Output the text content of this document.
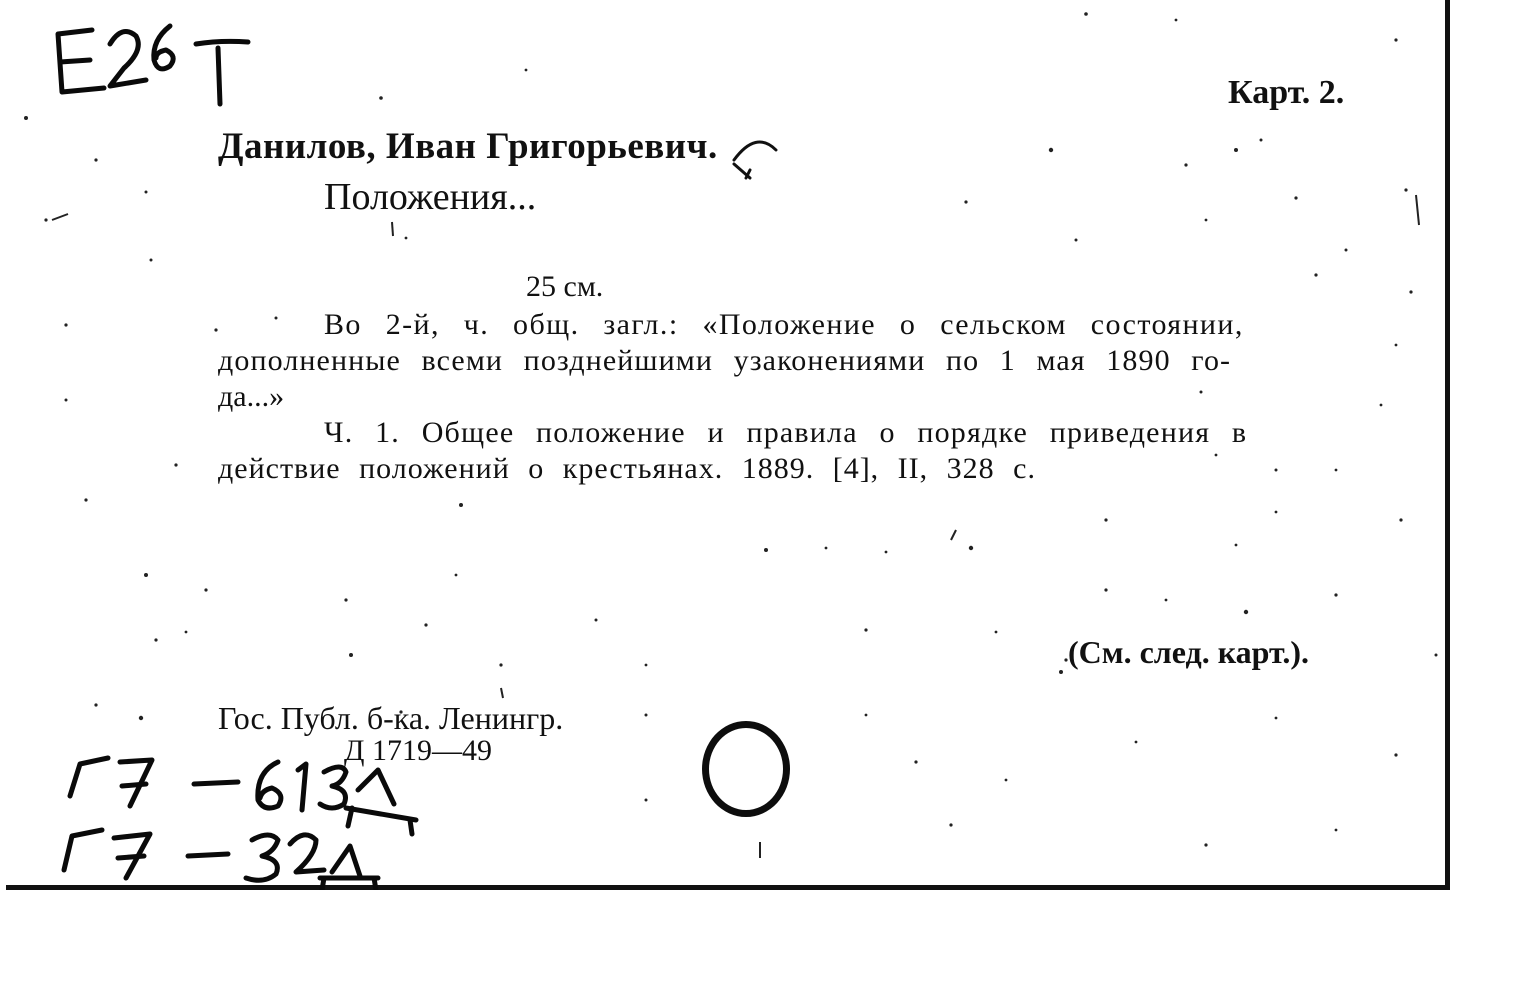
Карт. 2.
Данилов, Иван Григорьевич.
Положения...
25 см.
Во 2-й, ч. общ. загл.: «Положение о сельском состоянии,
дополненные всеми позднейшими узаконениями по 1 мая 1890 го-
да...»
Ч. 1. Общее положение и правила о порядке приведения в
действие положений о крестьянах. 1889. [4], II, 328 с.
(См. след. карт.).
Гос. Публ. б-ка. Ленингр.
Д 1719—49
